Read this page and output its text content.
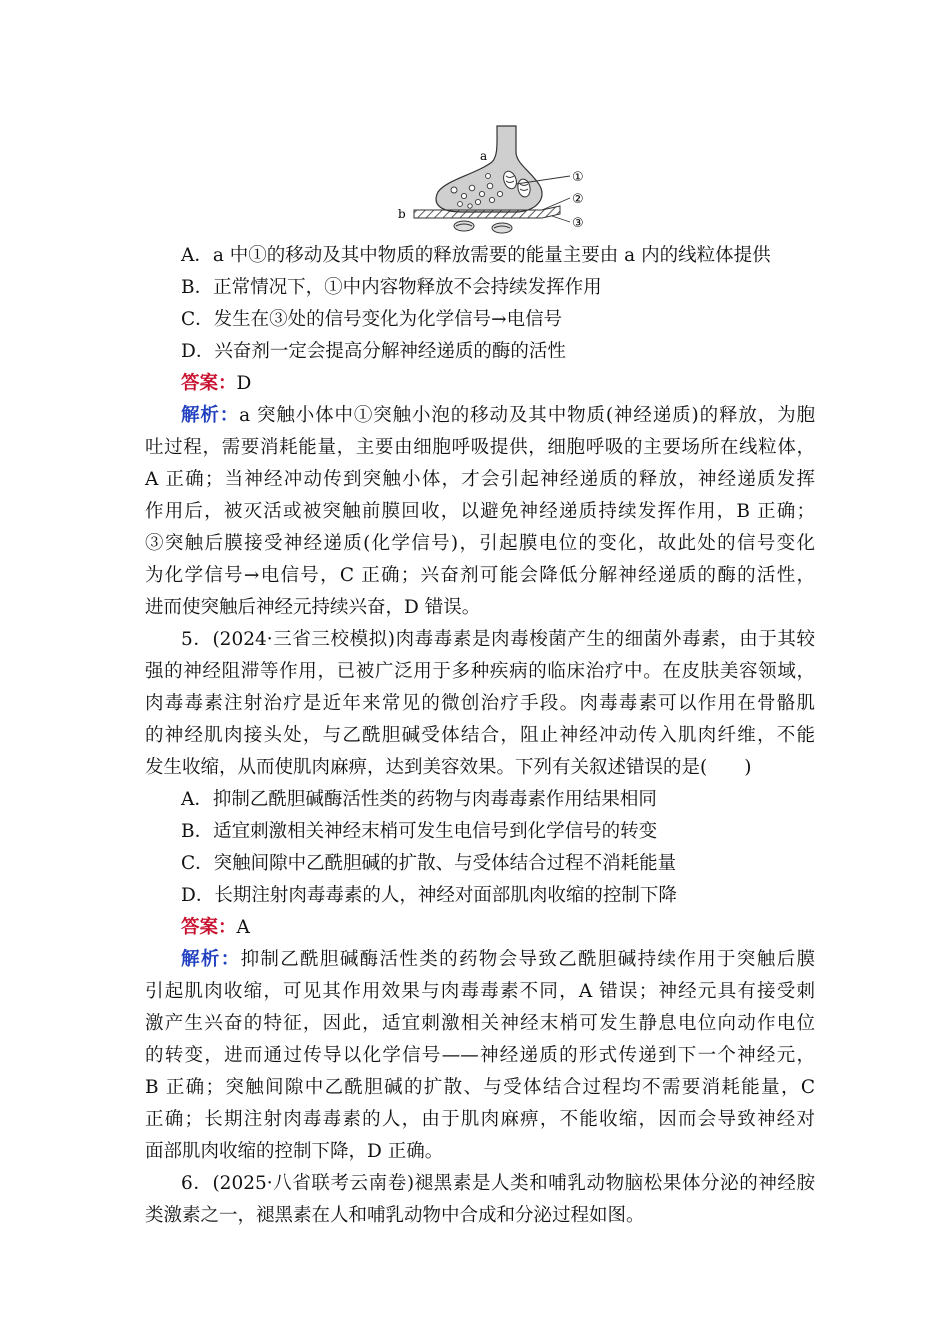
a
b
①
②
③
A．a 中①的移动及其中物质的释放需要的能量主要由 a 内的线粒体提供
B．正常情况下，①中内容物释放不会持续发挥作用
C．发生在③处的信号变化为化学信号→电信号
D．兴奋剂一定会提高分解神经递质的酶的活性
答案：D
解析：a 突触小体中①突触小泡的移动及其中物质(神经递质)的释放，为胞
吐过程，需要消耗能量，主要由细胞呼吸提供，细胞呼吸的主要场所在线粒体，
A 正确；当神经冲动传到突触小体，才会引起神经递质的释放，神经递质发挥
作用后，被灭活或被突触前膜回收，以避免神经递质持续发挥作用，B 正确；
③突触后膜接受神经递质(化学信号)，引起膜电位的变化，故此处的信号变化
为化学信号→电信号，C 正确；兴奋剂可能会降低分解神经递质的酶的活性，
进而使突触后神经元持续兴奋，D 错误。
5．(2024·三省三校模拟)肉毒毒素是肉毒梭菌产生的细菌外毒素，由于其较
强的神经阻滞等作用，已被广泛用于多种疾病的临床治疗中。在皮肤美容领域，
肉毒毒素注射治疗是近年来常见的微创治疗手段。肉毒毒素可以作用在骨骼肌
的神经肌肉接头处，与乙酰胆碱受体结合，阻止神经冲动传入肌肉纤维，不能
发生收缩，从而使肌肉麻痹，达到美容效果。下列有关叙述错误的是(　　)
A．抑制乙酰胆碱酶活性类的药物与肉毒毒素作用结果相同
B．适宜刺激相关神经末梢可发生电信号到化学信号的转变
C．突触间隙中乙酰胆碱的扩散、与受体结合过程不消耗能量
D．长期注射肉毒毒素的人，神经对面部肌肉收缩的控制下降
答案：A
解析：抑制乙酰胆碱酶活性类的药物会导致乙酰胆碱持续作用于突触后膜
引起肌肉收缩，可见其作用效果与肉毒毒素不同，A 错误；神经元具有接受刺
激产生兴奋的特征，因此，适宜刺激相关神经末梢可发生静息电位向动作电位
的转变，进而通过传导以化学信号——神经递质的形式传递到下一个神经元，
B 正确；突触间隙中乙酰胆碱的扩散、与受体结合过程均不需要消耗能量，C
正确；长期注射肉毒毒素的人，由于肌肉麻痹，不能收缩，因而会导致神经对
面部肌肉收缩的控制下降，D 正确。
6．(2025·八省联考云南卷)褪黑素是人类和哺乳动物脑松果体分泌的神经胺
类激素之一，褪黑素在人和哺乳动物中合成和分泌过程如图。
